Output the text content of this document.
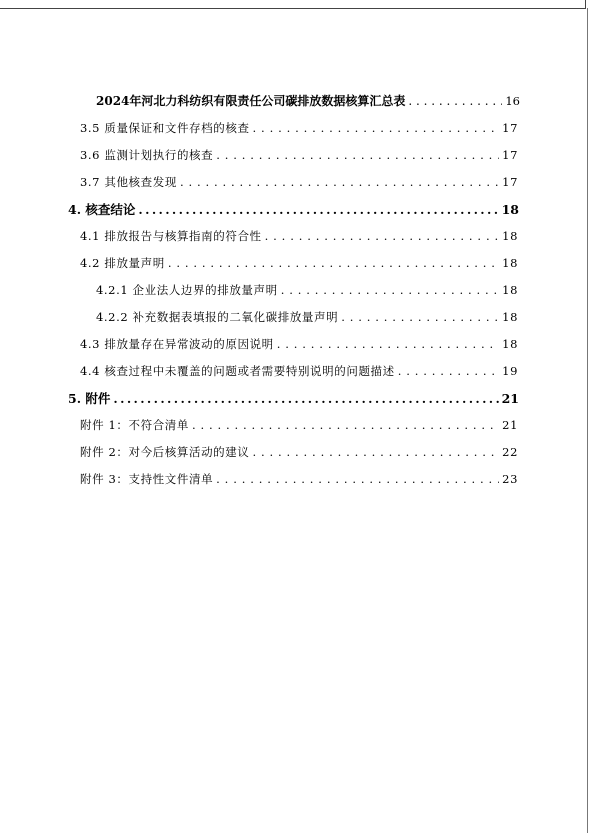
2024年河北力科纺织有限责任公司碳排放数据核算汇总表 . . .	16
3.5 质量保证和文件存档的核查 . . .	17
3.6 监测计划执行的核查 . . .	17
3.7 其他核查发现 . . .	17
4. 核查结论 . . .	18
4.1 排放报告与核算指南的符合性 . . .	18
4.2 排放量声明 . . .	18
4.2.1 企业法人边界的排放量声明 . . .	18
4.2.2 补充数据表填报的二氧化碳排放量声明 . . .	18
4.3 排放量存在异常波动的原因说明 . . .	18
4.4 核查过程中未覆盖的问题或者需要特别说明的问题描述 . . .	19
5. 附件 . . .	21
附件 1：不符合清单 . . .	21
附件 2：对今后核算活动的建议 . . .	22
附件 3：支持性文件清单 . . .	23
